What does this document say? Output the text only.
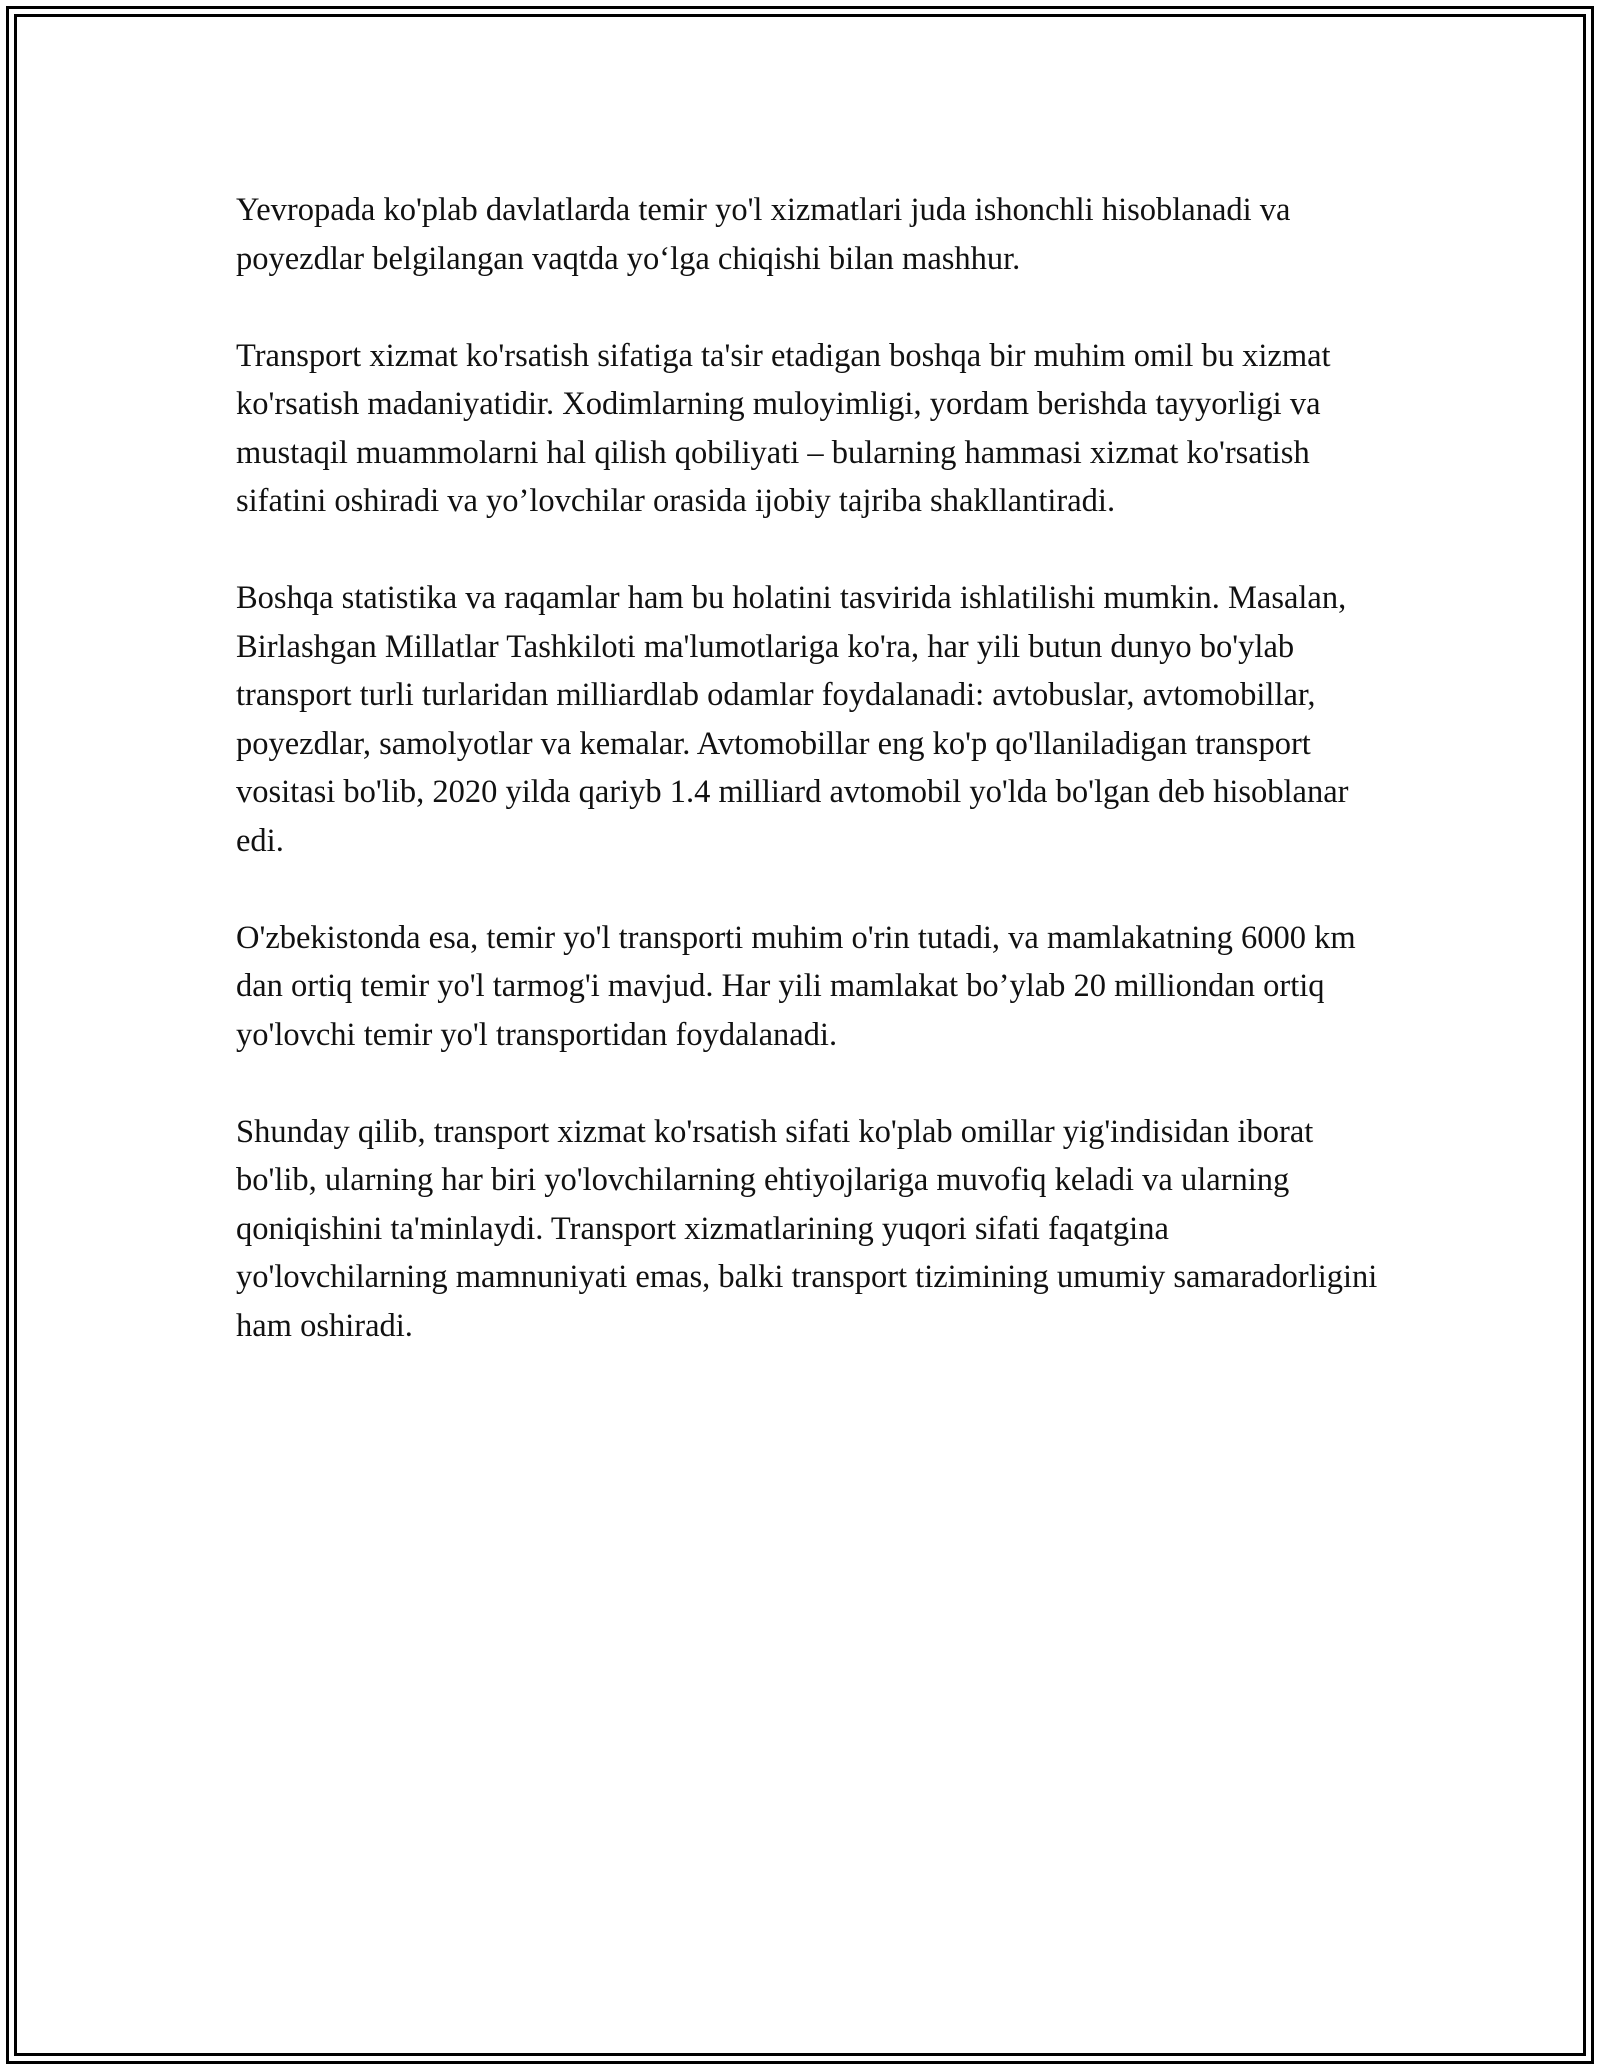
Yevropada ko'plab davlatlarda temir yo'l xizmatlari juda ishonchli hisoblanadi va poyezdlar belgilangan vaqtda yo‘lga chiqishi bilan mashhur.

Transport xizmat ko'rsatish sifatiga ta'sir etadigan boshqa bir muhim omil bu xizmat ko'rsatish madaniyatidir. Xodimlarning muloyimligi, yordam berishda tayyorligi va mustaqil muammolarni hal qilish qobiliyati – bularning hammasi xizmat ko'rsatish sifatini oshiradi va yo’lovchilar orasida ijobiy tajriba shakllantiradi.

Boshqa statistika va raqamlar ham bu holatini tasvirida ishlatilishi mumkin. Masalan, Birlashgan Millatlar Tashkiloti ma'lumotlariga ko'ra, har yili butun dunyo bo'ylab transport turli turlaridan milliardlab odamlar foydalanadi: avtobuslar, avtomobillar, poyezdlar, samolyotlar va kemalar. Avtomobillar eng ko'p qo'llaniladigan transport vositasi bo'lib, 2020 yilda qariyb 1.4 milliard avtomobil yo'lda bo'lgan deb hisoblanar edi.

O'zbekistonda esa, temir yo'l transporti muhim o'rin tutadi, va mamlakatning 6000 km dan ortiq temir yo'l tarmog'i mavjud. Har yili mamlakat bo’ylab 20 milliondan ortiq yo'lovchi temir yo'l transportidan foydalanadi.

Shunday qilib, transport xizmat ko'rsatish sifati ko'plab omillar yig'indisidan iborat bo'lib, ularning har biri yo'lovchilarning ehtiyojlariga muvofiq keladi va ularning qoniqishini ta'minlaydi. Transport xizmatlarining yuqori sifati faqatgina yo'lovchilarning mamnuniyati emas, balki transport tizimining umumiy samaradorligini ham oshiradi.
